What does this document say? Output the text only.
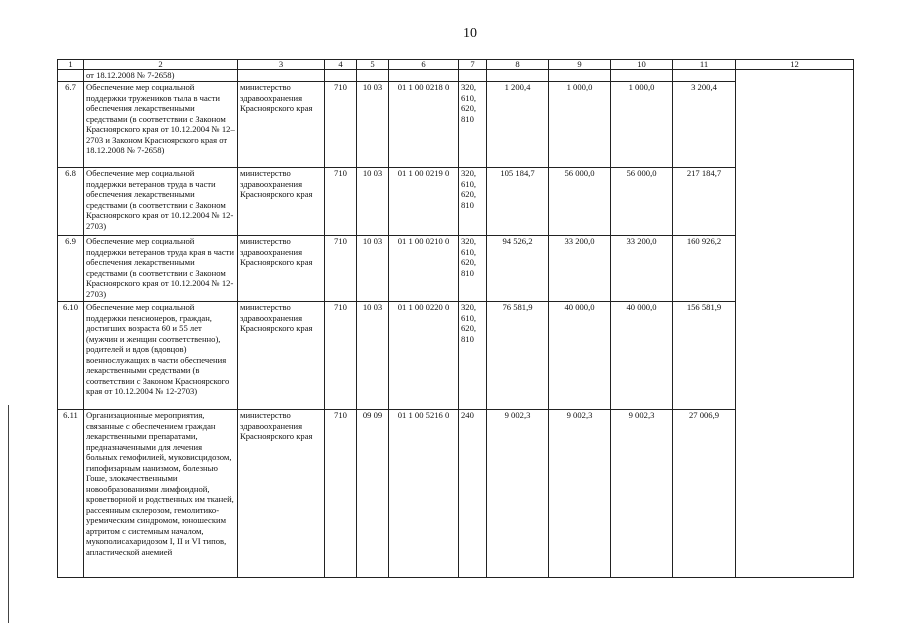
10
1	2	3	4	5	6	7	8	9	10	11	12
	от 18.12.2008 № 7-2658)										
6.7	Обеспечение мер социальной поддержки тружеников тыла в части обеспечения лекарственными средствами (в соответствии с Законом Красноярского края от 10.12.2004 № 12–2703 и Законом Красноярского края от 18.12.2008 № 7-2658)	министерство здравоохранения Красноярского края	710	10 03	01 1 00 0218 0	320, 610, 620, 810	1 200,4	1 000,0	1 000,0	3 200,4	
6.8	Обеспечение мер социальной поддержки ветеранов труда в части обеспечения лекарственными средствами (в соответствии с Законом Красноярского края от 10.12.2004 № 12-2703)	министерство здравоохранения Красноярского края	710	10 03	01 1 00 0219 0	320, 610, 620, 810	105 184,7	56 000,0	56 000,0	217 184,7	
6.9	Обеспечение мер социальной поддержки ветеранов труда края в части обеспечения лекарственными средствами (в соответствии с Законом Красноярского края от 10.12.2004 № 12-2703)	министерство здравоохранения Красноярского края	710	10 03	01 1 00 0210 0	320, 610, 620, 810	94 526,2	33 200,0	33 200,0	160 926,2	
6.10	Обеспечение мер социальной поддержки пенсионеров, граждан, достигших возраста 60 и 55 лет (мужчин и женщин соответственно), родителей и вдов (вдовцов) военнослужащих в части обеспечения лекарственными средствами (в соответствии с Законом Красноярского края от 10.12.2004 № 12-2703)	министерство здравоохранения Красноярского края	710	10 03	01 1 00 0220 0	320, 610, 620, 810	76 581,9	40 000,0	40 000,0	156 581,9	
6.11	Организационные мероприятия, связанные с обеспечением граждан лекарственными препаратами, предназначенными для лечения больных гемофилией, муковисцидозом, гипофизарным нанизмом, болезнью Гоше, злокачественными новообразованиями лимфоидной, кроветворной и родственных им тканей, рассеянным склерозом, гемолитико-уремическим синдромом, юношеским артритом с системным началом, мукополисахаридозом I, II и VI типов, апластической анемией	министерство здравоохранения Красноярского края	710	09 09	01 1 00 5216 0	240	9 002,3	9 002,3	9 002,3	27 006,9	
